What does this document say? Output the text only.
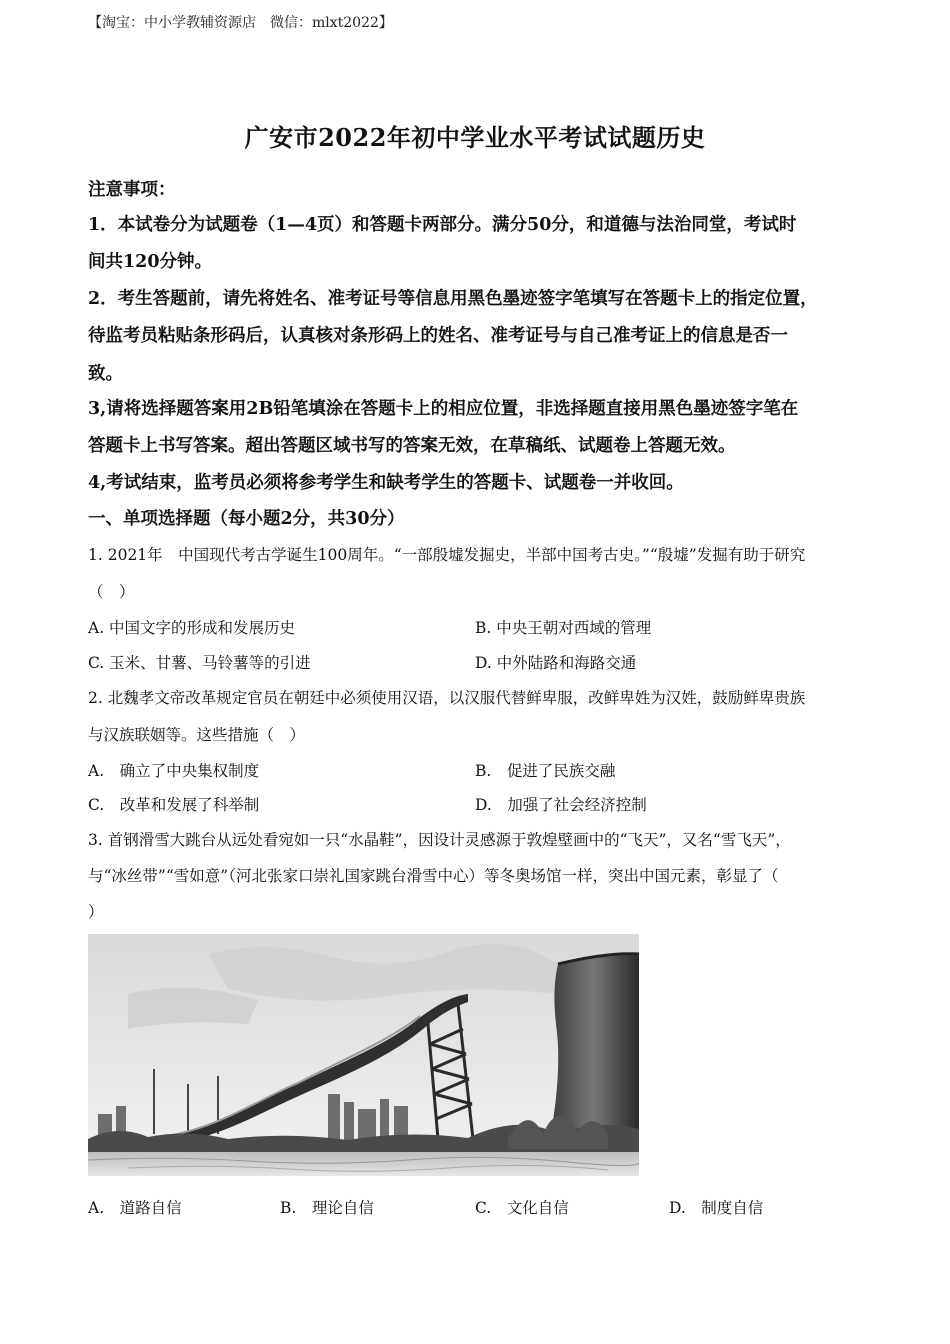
【淘宝：中小学教辅资源店　微信：mlxt2022】
广安市2022年初中学业水平考试试题历史
注意事项：
1．本试卷分为试题卷（1—4页）和答题卡两部分。满分50分，和道德与法治同堂，考试时
间共120分钟。
2．考生答题前，请先将姓名、准考证号等信息用黑色墨迹签字笔填写在答题卡上的指定位置，
待监考员粘贴条形码后，认真核对条形码上的姓名、准考证号与自己准考证上的信息是否一
致。
3,请将选择题答案用2B铅笔填涂在答题卡上的相应位置，非选择题直接用黑色墨迹签字笔在
答题卡上书写答案。超出答题区域书写的答案无效，在草稿纸、试题卷上答题无效。
4,考试结束，监考员必须将参考学生和缺考学生的答题卡、试题卷一并收回。
一、单项选择题（每小题2分，共30分）
1. 2021年　中国现代考古学诞生100周年。“一部殷墟发掘史，半部中国考古史。”“殷墟”发掘有助于研究
（　）
A. 中国文字的形成和发展历史	B. 中央王朝对西域的管理
C. 玉米、甘薯、马铃薯等的引进	D. 中外陆路和海路交通
2. 北魏孝文帝改革规定官员在朝廷中必须使用汉语，以汉服代替鲜卑服，改鲜卑姓为汉姓，鼓励鲜卑贵族
与汉族联姻等。这些措施（　）
A.　确立了中央集权制度	B.　促进了民族交融
C.　改革和发展了科举制	D.　加强了社会经济控制
3. 首钢滑雪大跳台从远处看宛如一只“水晶鞋”，因设计灵感源于敦煌壁画中的“飞天”，又名“雪飞天”，
与“冰丝带”“雪如意”（河北张家口崇礼国家跳台滑雪中心）等冬奥场馆一样，突出中国元素，彰显了（
）
A.　道路自信	B.　理论自信	C.　文化自信	D.　制度自信
